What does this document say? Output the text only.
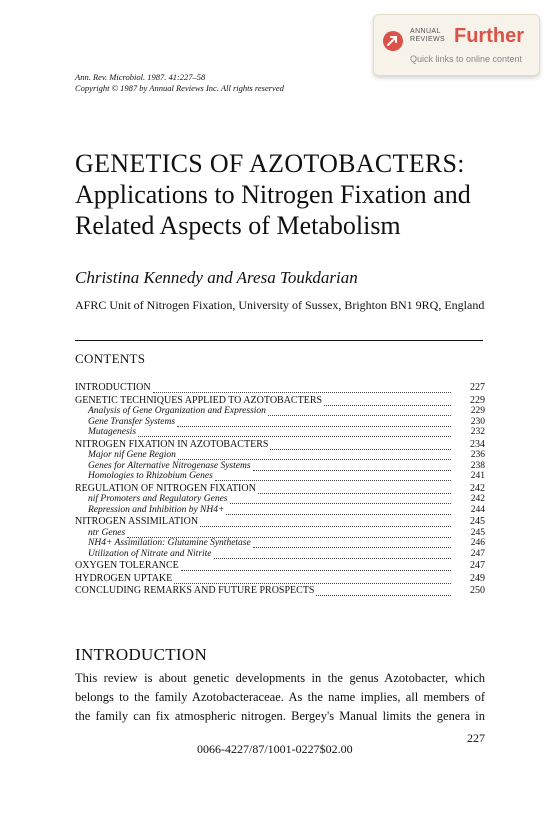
ANNUAL
REVIEWS Further
Quick links to online content
Ann. Rev. Microbiol. 1987. 41:227–58
Copyright © 1987 by Annual Reviews Inc. All rights reserved
GENETICS OF AZOTOBACTERS:
Applications to Nitrogen Fixation and
Related Aspects of Metabolism
Christina Kennedy and Aresa Toukdarian
AFRC Unit of Nitrogen Fixation, University of Sussex, Brighton BN1 9RQ, England
CONTENTS
INTRODUCTION	227
GENETIC TECHNIQUES APPLIED TO AZOTOBACTERS	229
Analysis of Gene Organization and Expression	229
Gene Transfer Systems	230
Mutagenesis	232
NITROGEN FIXATION IN AZOTOBACTERS	234
Major nif Gene Region	236
Genes for Alternative Nitrogenase Systems	238
Homologies to Rhizobium Genes	241
REGULATION OF NITROGEN FIXATION	242
nif Promoters and Regulatory Genes	242
Repression and Inhibition by NH4+	244
NITROGEN ASSIMILATION	245
ntr Genes	245
NH4+ Assimilation: Glutamine Synthetase	246
Utilization of Nitrate and Nitrite	247
OXYGEN TOLERANCE	247
HYDROGEN UPTAKE	249
CONCLUDING REMARKS AND FUTURE PROSPECTS	250
INTRODUCTION
This review is about genetic developments in the genus Azotobacter, which
belongs to the family Azotobacteraceae. As the name implies, all members of
the family can fix atmospheric nitrogen. Bergey's Manual limits the genera in
227
0066-4227/87/1001-0227$02.00
